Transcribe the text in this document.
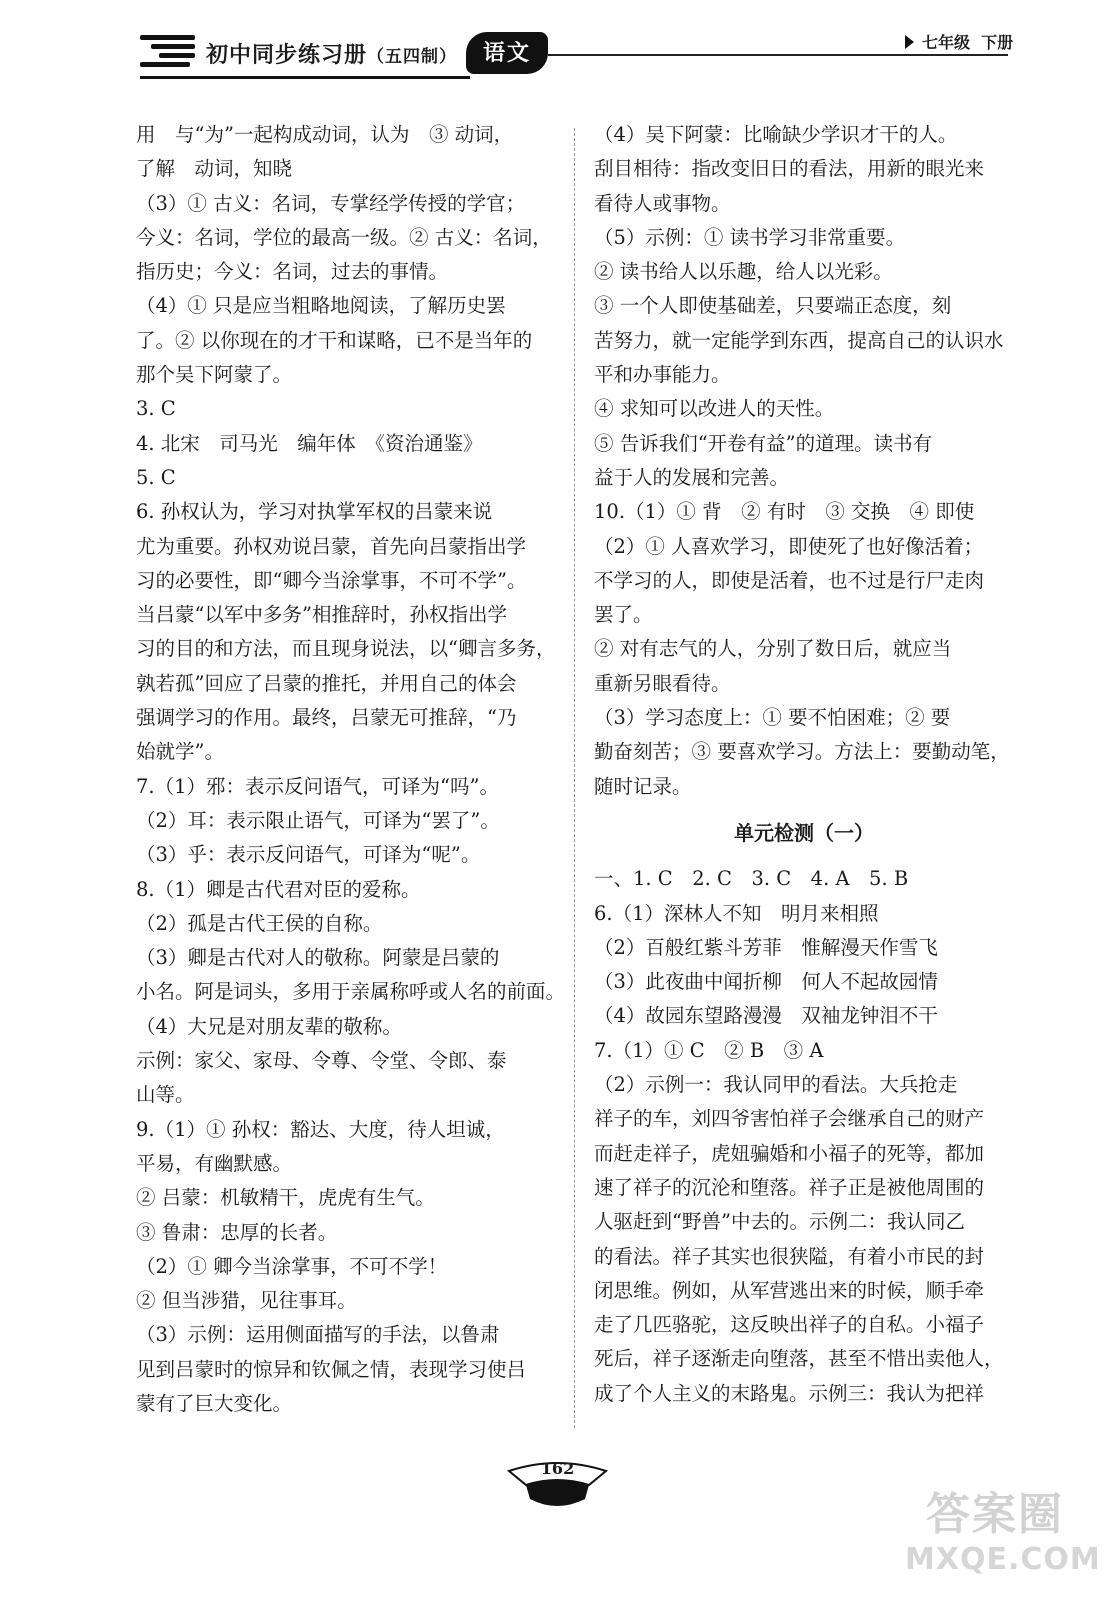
初中同步练习册（五四制）	语文	七年级 下册

用　与“为”一起构成动词，认为　③ 动词，

了解　动词，知晓

（3）① 古义：名词，专掌经学传授的学官；

今义：名词，学位的最高一级。② 古义：名词，

指历史；今义：名词，过去的事情。

（4）① 只是应当粗略地阅读，了解历史罢

了。② 以你现在的才干和谋略，已不是当年的

那个吴下阿蒙了。

3. C

4. 北宋　司马光　编年体　《资治通鉴》

5. C

6. 孙权认为，学习对执掌军权的吕蒙来说

尤为重要。孙权劝说吕蒙，首先向吕蒙指出学

习的必要性，即“卿今当涂掌事，不可不学”。

当吕蒙“以军中多务”相推辞时，孙权指出学

习的目的和方法，而且现身说法，以“卿言多务，

孰若孤”回应了吕蒙的推托，并用自己的体会

强调学习的作用。最终，吕蒙无可推辞，“乃

始就学”。

7.（1）邪：表示反问语气，可译为“吗”。

（2）耳：表示限止语气，可译为“罢了”。

（3）乎：表示反问语气，可译为“呢”。

8.（1）卿是古代君对臣的爱称。

（2）孤是古代王侯的自称。

（3）卿是古代对人的敬称。阿蒙是吕蒙的

小名。阿是词头，多用于亲属称呼或人名的前面。

（4）大兄是对朋友辈的敬称。

示例：家父、家母、令尊、令堂、令郎、泰

山等。

9.（1）① 孙权：豁达、大度，待人坦诚，

平易，有幽默感。

② 吕蒙：机敏精干，虎虎有生气。

③ 鲁肃：忠厚的长者。

（2）① 卿今当涂掌事，不可不学！

② 但当涉猎，见往事耳。

（3）示例：运用侧面描写的手法，以鲁肃

见到吕蒙时的惊异和钦佩之情，表现学习使吕

蒙有了巨大变化。

（4）吴下阿蒙：比喻缺少学识才干的人。

刮目相待：指改变旧日的看法，用新的眼光来

看待人或事物。

（5）示例：① 读书学习非常重要。

② 读书给人以乐趣，给人以光彩。

③ 一个人即使基础差，只要端正态度，刻

苦努力，就一定能学到东西，提高自己的认识水

平和办事能力。

④ 求知可以改进人的天性。

⑤ 告诉我们“开卷有益”的道理。读书有

益于人的发展和完善。

10.（1）① 背　② 有时　③ 交换　④ 即使

（2）① 人喜欢学习，即使死了也好像活着；

不学习的人，即使是活着，也不过是行尸走肉

罢了。

② 对有志气的人，分别了数日后，就应当

重新另眼看待。

（3）学习态度上：① 要不怕困难；② 要

勤奋刻苦；③ 要喜欢学习。方法上：要勤动笔，

随时记录。

单元检测（一）

一、1. C　2. C　3. C　4. A　5. B

6.（1）深林人不知　明月来相照

（2）百般红紫斗芳菲　惟解漫天作雪飞

（3）此夜曲中闻折柳　何人不起故园情

（4）故园东望路漫漫　双袖龙钟泪不干

7.（1）① C　② B　③ A

（2）示例一：我认同甲的看法。大兵抢走

祥子的车，刘四爷害怕祥子会继承自己的财产

而赶走祥子，虎妞骗婚和小福子的死等，都加

速了祥子的沉沦和堕落。祥子正是被他周围的

人驱赶到“野兽”中去的。示例二：我认同乙

的看法。祥子其实也很狭隘，有着小市民的封

闭思维。例如，从军营逃出来的时候，顺手牵

走了几匹骆驼，这反映出祥子的自私。小福子

死后，祥子逐渐走向堕落，甚至不惜出卖他人，

成了个人主义的末路鬼。示例三：我认为把祥

162
答案圈
MXQE.COM
